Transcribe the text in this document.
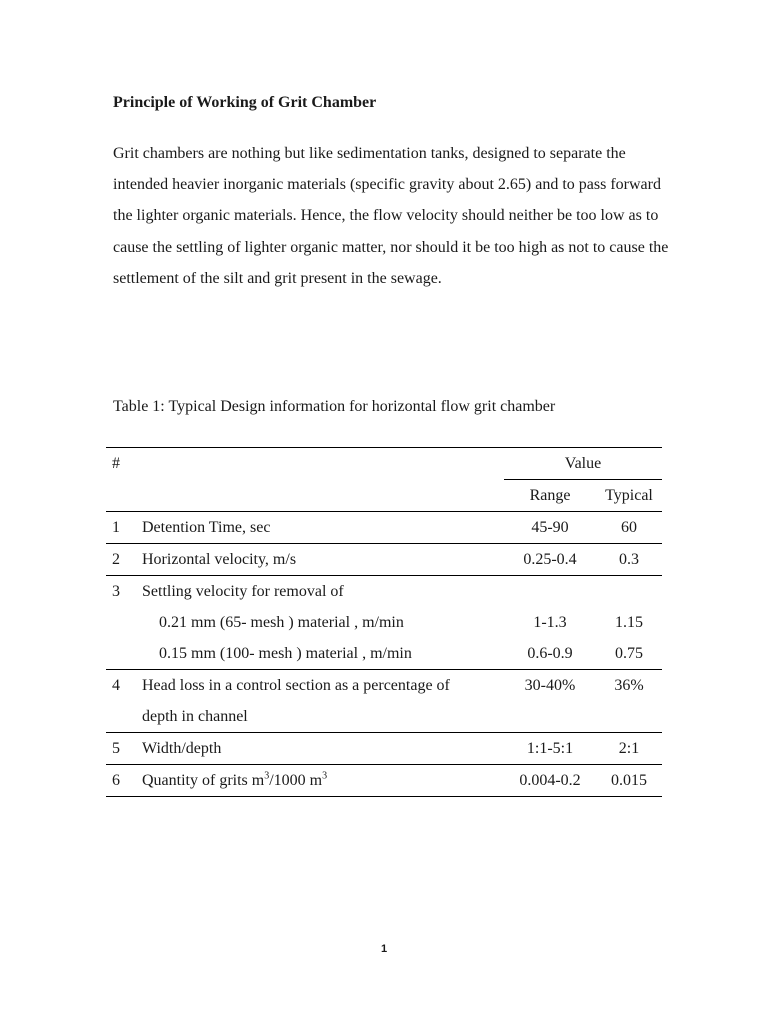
Principle of Working of Grit Chamber

Grit chambers are nothing but like sedimentation tanks, designed to separate the intended heavier inorganic materials (specific gravity about 2.65) and to pass forward the lighter organic materials. Hence, the flow velocity should neither be too low as to cause the settling of lighter organic matter, nor should it be too high as not to cause the settlement of the silt and grit present in the sewage.

Table 1: Typical Design information for horizontal flow grit chamber

#		Value	
		Range	Typical
1	Detention Time, sec	45-90	60
2	Horizontal velocity, m/s	0.25-0.4	0.3
3	Settling velocity for removal of		
	0.21 mm (65- mesh ) material , m/min	1-1.3	1.15
	0.15 mm (100- mesh ) material , m/min	0.6-0.9	0.75
4	Head loss in a control section as a percentage of	30-40%	36%
	depth in channel		
5	Width/depth	1:1-5:1	2:1
6	Quantity of grits $m^3/1000$ $m^3$	0.004-0.2	0.015
1
